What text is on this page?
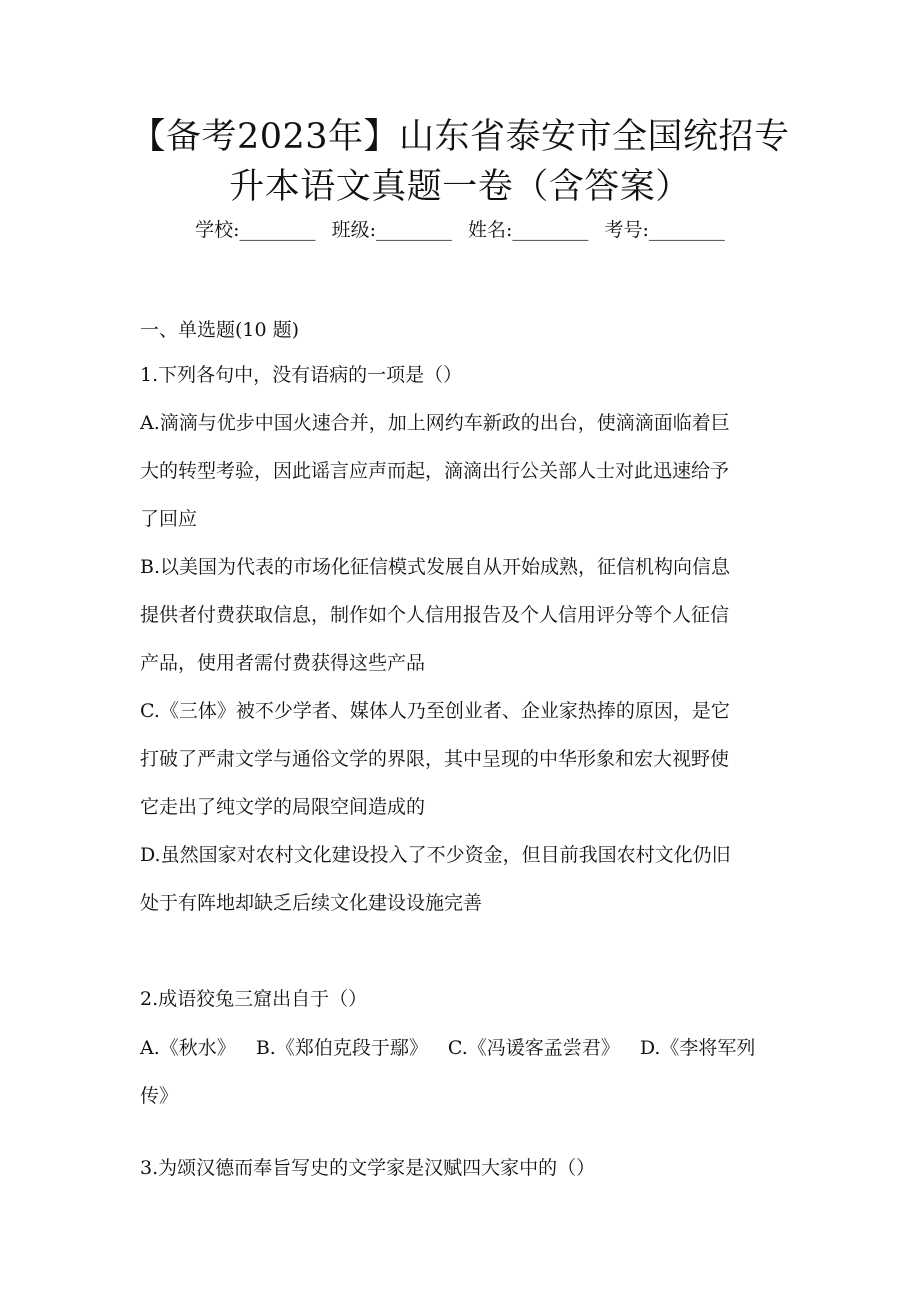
【备考2023年】山东省泰安市全国统招专
升本语文真题一卷（含答案）
学校:________ 班级:________ 姓名:________ 考号:________
一、单选题(10 题)
1.下列各句中，没有语病的一项是（）
A.滴滴与优步中国火速合并，加上网约车新政的出台，使滴滴面临着巨
大的转型考验，因此谣言应声而起，滴滴出行公关部人士对此迅速给予
了回应
B.以美国为代表的市场化征信模式发展自从开始成熟，征信机构向信息
提供者付费获取信息，制作如个人信用报告及个人信用评分等个人征信
产品，使用者需付费获得这些产品
C.《三体》被不少学者、媒体人乃至创业者、企业家热捧的原因，是它
打破了严肃文学与通俗文学的界限，其中呈现的中华形象和宏大视野使
它走出了纯文学的局限空间造成的
D.虽然国家对农村文化建设投入了不少资金，但目前我国农村文化仍旧
处于有阵地却缺乏后续文化建设设施完善
2.成语狡兔三窟出自于（）
A.《秋水》 B.《郑伯克段于鄢》 C.《冯谖客孟尝君》 D.《李将军列
传》
3.为颂汉德而奉旨写史的文学家是汉赋四大家中的（）
